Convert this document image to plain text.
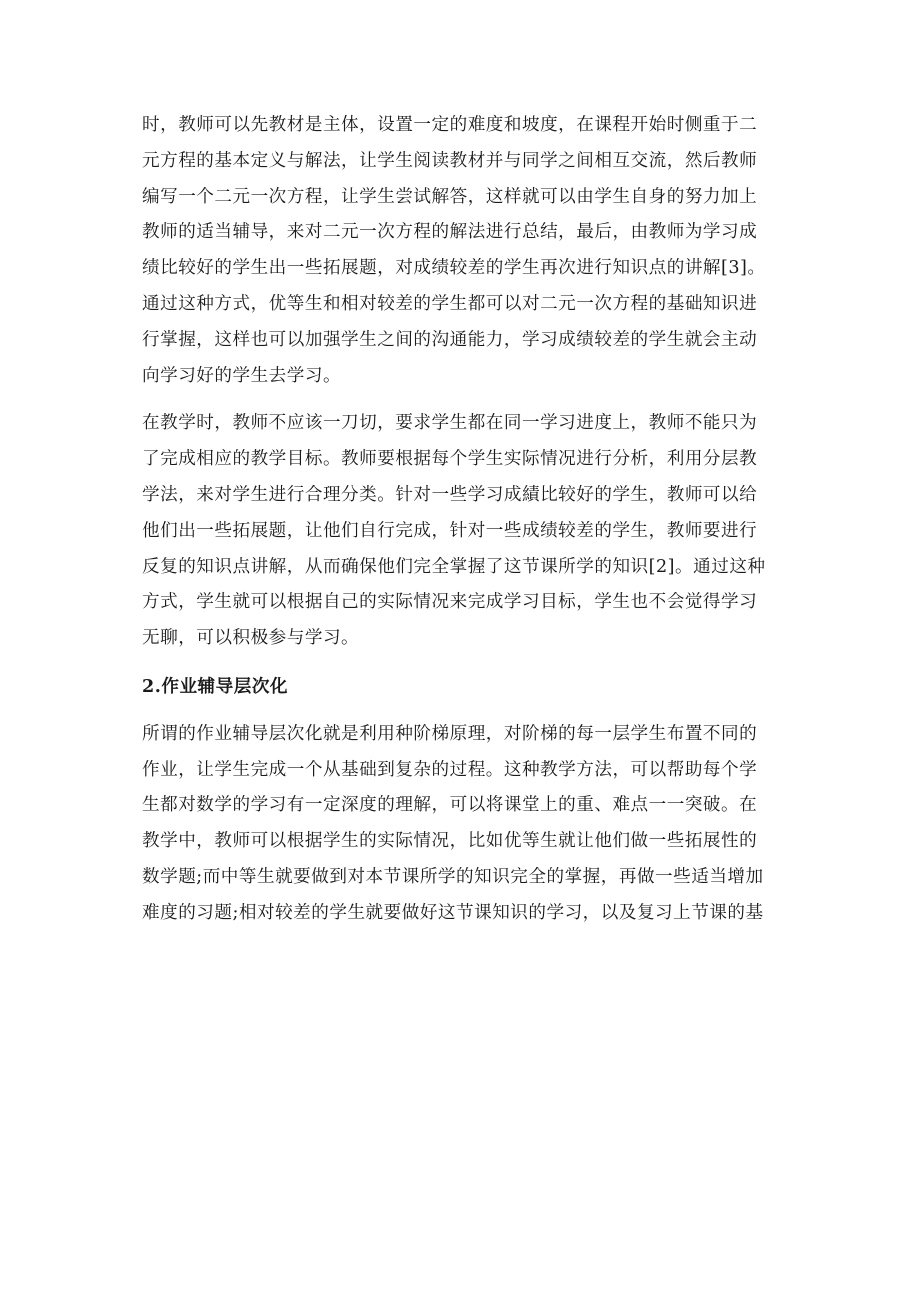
时，教师可以先教材是主体，设置一定的难度和坡度，在课程开始时侧重于二
元方程的基本定义与解法，让学生阅读教材并与同学之间相互交流，然后教师
编写一个二元一次方程，让学生尝试解答，这样就可以由学生自身的努力加上
教师的适当辅导，来对二元一次方程的解法进行总结，最后，由教师为学习成
绩比较好的学生出一些拓展题，对成绩较差的学生再次进行知识点的讲解[3]。
通过这种方式，优等生和相对较差的学生都可以对二元一次方程的基础知识进
行掌握，这样也可以加强学生之间的沟通能力，学习成绩较差的学生就会主动
向学习好的学生去学习。

在教学时，教师不应该一刀切，要求学生都在同一学习进度上，教师不能只为
了完成相应的教学目标。教师要根据每个学生实际情况进行分析，利用分层教
学法，来对学生进行合理分类。针对一些学习成績比较好的学生，教师可以给
他们出一些拓展题，让他们自行完成，针对一些成绩较差的学生，教师要进行
反复的知识点讲解，从而确保他们完全掌握了这节课所学的知识[2]。通过这种
方式，学生就可以根据自己的实际情况来完成学习目标，学生也不会觉得学习
无聊，可以积极参与学习。

2.作业辅导层次化

所谓的作业辅导层次化就是利用种阶梯原理，对阶梯的每一层学生布置不同的
作业，让学生完成一个从基础到复杂的过程。这种教学方法，可以帮助每个学
生都对数学的学习有一定深度的理解，可以将课堂上的重、难点一一突破。在
教学中，教师可以根据学生的实际情况，比如优等生就让他们做一些拓展性的
数学题;而中等生就要做到对本节课所学的知识完全的掌握，再做一些适当增加
难度的习题;相对较差的学生就要做好这节课知识的学习，以及复习上节课的基
